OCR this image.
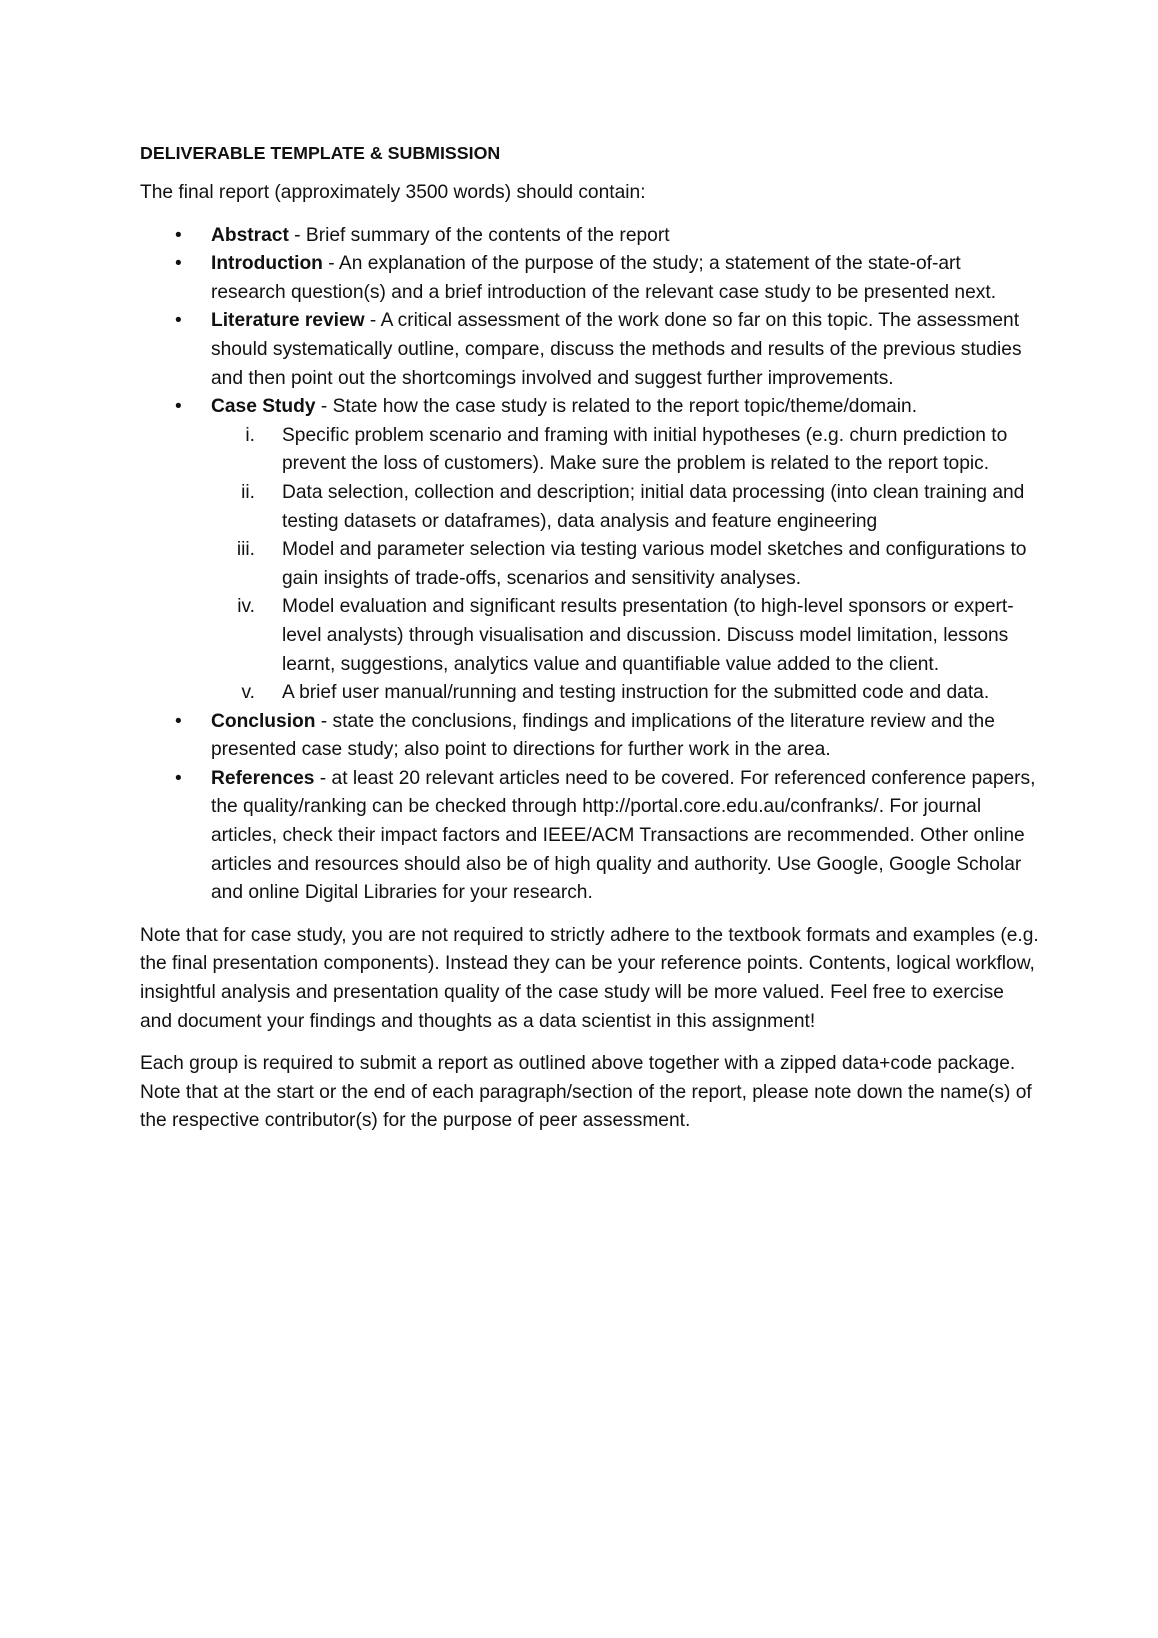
DELIVERABLE TEMPLATE & SUBMISSION

The final report (approximately 3500 words) should contain:

• Abstract - Brief summary of the contents of the report
• Introduction - An explanation of the purpose of the study; a statement of the state-of-art research question(s) and a brief introduction of the relevant case study to be presented next.
• Literature review - A critical assessment of the work done so far on this topic. The assessment should systematically outline, compare, discuss the methods and results of the previous studies and then point out the shortcomings involved and suggest further improvements.
• Case Study - State how the case study is related to the report topic/theme/domain.
i. Specific problem scenario and framing with initial hypotheses (e.g. churn prediction to prevent the loss of customers). Make sure the problem is related to the report topic.
ii. Data selection, collection and description; initial data processing (into clean training and testing datasets or dataframes), data analysis and feature engineering
iii. Model and parameter selection via testing various model sketches and configurations to gain insights of trade-offs, scenarios and sensitivity analyses.
iv. Model evaluation and significant results presentation (to high-level sponsors or expert-level analysts) through visualisation and discussion. Discuss model limitation, lessons learnt, suggestions, analytics value and quantifiable value added to the client.
v. A brief user manual/running and testing instruction for the submitted code and data.
• Conclusion - state the conclusions, findings and implications of the literature review and the presented case study; also point to directions for further work in the area.
• References - at least 20 relevant articles need to be covered. For referenced conference papers, the quality/ranking can be checked through http://portal.core.edu.au/confranks/. For journal articles, check their impact factors and IEEE/ACM Transactions are recommended. Other online articles and resources should also be of high quality and authority. Use Google, Google Scholar and online Digital Libraries for your research.

Note that for case study, you are not required to strictly adhere to the textbook formats and examples (e.g. the final presentation components). Instead they can be your reference points. Contents, logical workflow, insightful analysis and presentation quality of the case study will be more valued. Feel free to exercise and document your findings and thoughts as a data scientist in this assignment!

Each group is required to submit a report as outlined above together with a zipped data+code package. Note that at the start or the end of each paragraph/section of the report, please note down the name(s) of the respective contributor(s) for the purpose of peer assessment.
